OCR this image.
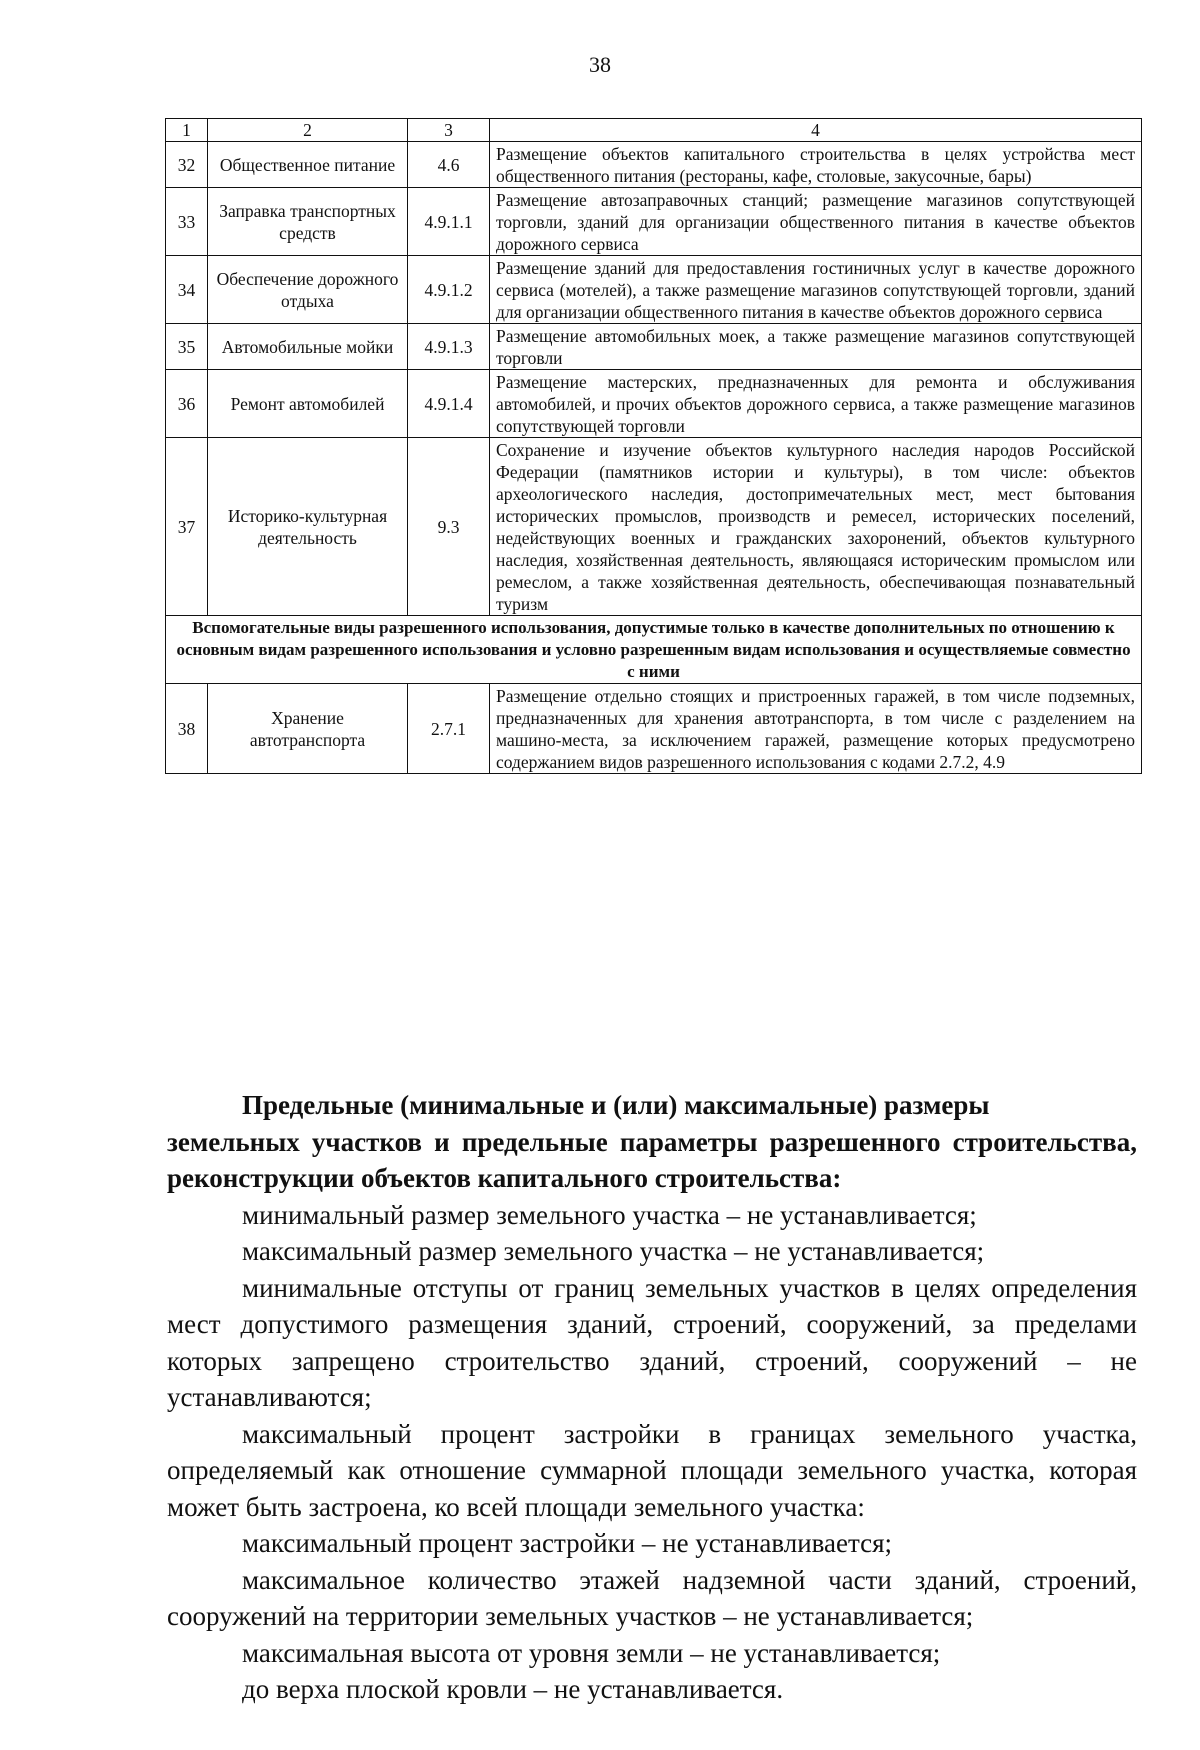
38
1	2	3	4
32	Общественное питание	4.6	Размещение объектов капитального строительства в целях устройства мест общественного питания (рестораны, кафе, столовые, закусочные, бары)
33	Заправка транспортных средств	4.9.1.1	Размещение автозаправочных станций; размещение магазинов сопутствующей торговли, зданий для организации общественного питания в качестве объектов дорожного сервиса
34	Обеспечение дорожного отдыха	4.9.1.2	Размещение зданий для предоставления гостиничных услуг в качестве дорожного сервиса (мотелей), а также размещение магазинов сопутствующей торговли, зданий для организации общественного питания в качестве объектов дорожного сервиса
35	Автомобильные мойки	4.9.1.3	Размещение автомобильных моек, а также размещение магазинов сопутствующей торговли
36	Ремонт автомобилей	4.9.1.4	Размещение мастерских, предназначенных для ремонта и обслуживания автомобилей, и прочих объектов дорожного сервиса, а также размещение магазинов сопутствующей торговли
37	Историко-культурная деятельность	9.3	Сохранение и изучение объектов культурного наследия народов Российской Федерации (памятников истории и культуры), в том числе: объектов археологического наследия, достопримечательных мест, мест бытования исторических промыслов, производств и ремесел, исторических поселений, недействующих военных и гражданских захоронений, объектов культурного наследия, хозяйственная деятельность, являющаяся историческим промыслом или ремеслом, а также хозяйственная деятельность, обеспечивающая познавательный туризм
Вспомогательные виды разрешенного использования, допустимые только в качестве дополнительных по отношению к основным видам разрешенного использования и условно разрешенным видам использования и осуществляемые совместно с ними			
38	Хранение автотранспорта	2.7.1	Размещение отдельно стоящих и пристроенных гаражей, в том числе подземных, предназначенных для хранения автотранспорта, в том числе с разделением на машино-места, за исключением гаражей, размещение которых предусмотрено содержанием видов разрешенного использования с кодами 2.7.2, 4.9
Предельные (минимальные и (или) максимальные) размеры
земельных участков и предельные параметры разрешенного строительства, реконструкции объектов капитального строительства:

минимальный размер земельного участка – не устанавливается;

максимальный размер земельного участка – не устанавливается;

минимальные отступы от границ земельных участков в целях определения мест допустимого размещения зданий, строений, сооружений, за пределами которых запрещено строительство зданий, строений, сооружений – не устанавливаются;

максимальный процент застройки в границах земельного участка, определяемый как отношение суммарной площади земельного участка, которая может быть застроена, ко всей площади земельного участка:

максимальный процент застройки – не устанавливается;

максимальное количество этажей надземной части зданий, строений, сооружений на территории земельных участков – не устанавливается;

максимальная высота от уровня земли – не устанавливается;

до верха плоской кровли – не устанавливается.
